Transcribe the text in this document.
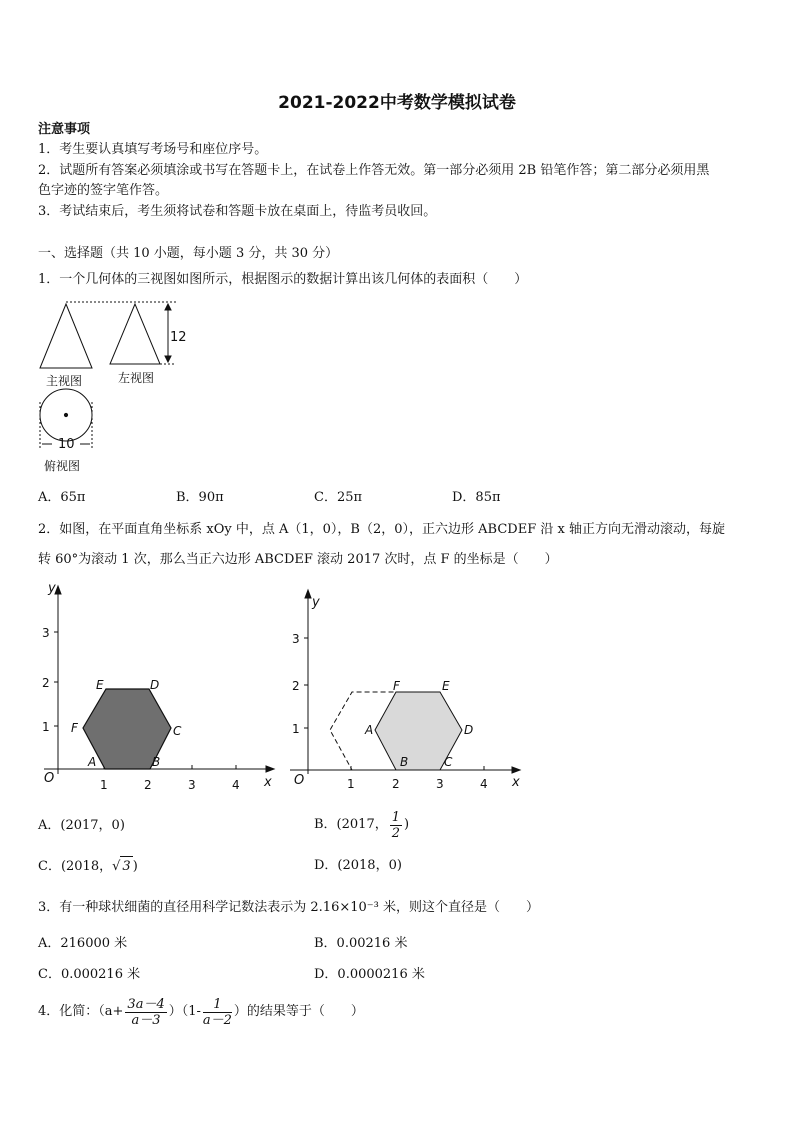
2021-2022中考数学模拟试卷
注意事项
1．考生要认真填写考场号和座位序号。
2．试题所有答案必须填涂或书写在答题卡上，在试卷上作答无效。第一部分必须用 2B 铅笔作答；第二部分必须用黑
色字迹的签字笔作答。
3．考试结束后，考生须将试卷和答题卡放在桌面上，待监考员收回。
一、选择题（共 10 小题，每小题 3 分，共 30 分）
1．一个几何体的三视图如图所示，根据图示的数据计算出该几何体的表面积（　　）
12
主视图	左视图
10
俯视图
A．65π	B．90π	C．25π	D．85π
2．如图，在平面直角坐标系 xOy 中，点 A（1，0），B（2，0），正六边形 ABCDEF 沿 x 轴正方向无滑动滚动，每旋
转 60°为滚动 1 次，那么当正六边形 ABCDEF 滚动 2017 次时，点 F 的坐标是（　　）
y
x
O
3
2
1
1	2	3	4
A	B
C
D
E
F
y
x
O
3
2
1
1	2	3	4
A
B	C
D
E
F
A．(2017，0)	B．(2017， $\frac{1}{2}$ )
C．(2018，√ 3 )	D．(2018，0)
3．有一种球状细菌的直径用科学记数法表示为 2.16×10⁻³ 米，则这个直径是（　　）
A．216000 米	B．0.00216 米
C．0.000216 米	D．0.0000216 米
4．化简：$(a+ \frac{3a-4}{a-3} )(1- \frac{1}{a-2}$ ）的结果等于（　　）
